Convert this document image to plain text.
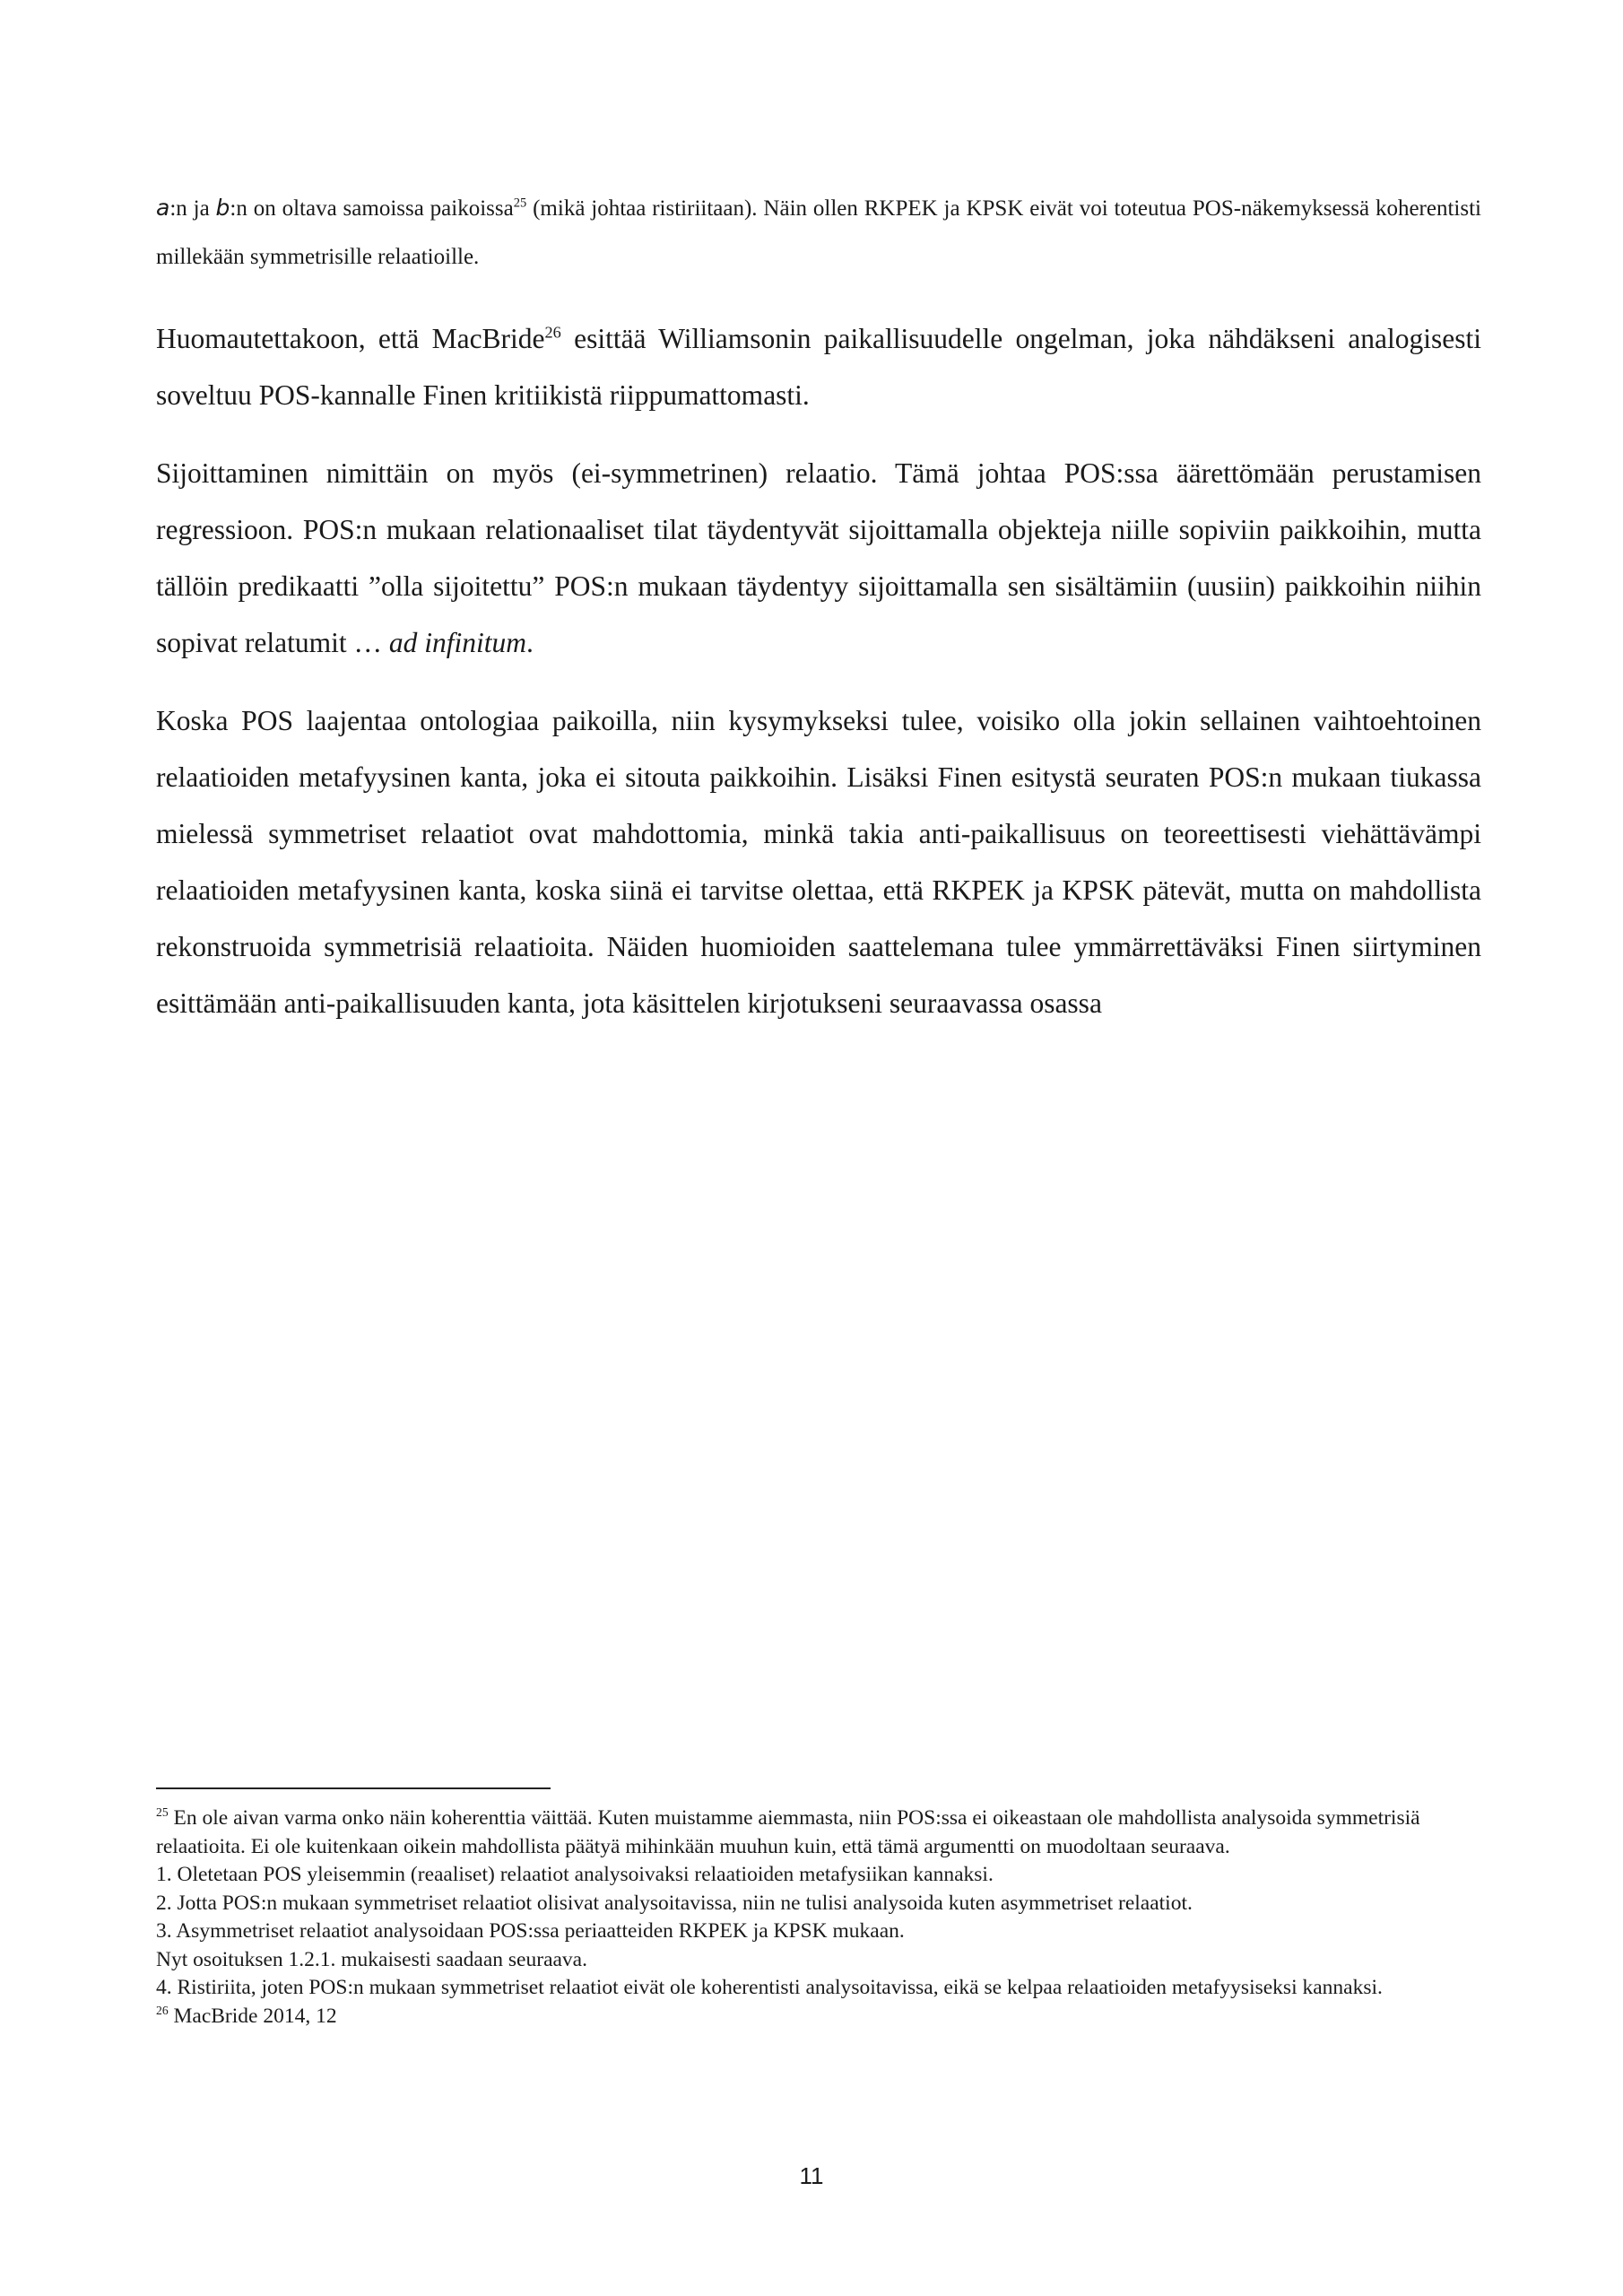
a:n ja b:n on oltava samoissa paikoissa$^{25}$ (mikä johtaa ristiriitaan). Näin ollen RKPEK ja KPSK eivät voi toteutua POS-näkemyksessä koherentisti millekään symmetrisille relaatioille.

Huomautettakoon, että MacBride$^{26}$ esittää Williamsonin paikallisuudelle ongelman, joka nähdäkseni analogisesti soveltuu POS-kannalle Finen kritiikistä riippumattomasti.

Sijoittaminen nimittäin on myös (ei-symmetrinen) relaatio. Tämä johtaa POS:ssa äärettömään perustamisen regressioon. POS:n mukaan relationaaliset tilat täydentyvät sijoittamalla objekteja niille sopiviin paikkoihin, mutta tällöin predikaatti ”olla sijoitettu” POS:n mukaan täydentyy sijoittamalla sen sisältämiin (uusiin) paikkoihin niihin sopivat relatumit … ad infinitum.

Koska POS laajentaa ontologiaa paikoilla, niin kysymykseksi tulee, voisiko olla jokin sellainen vaihtoehtoinen relaatioiden metafyysinen kanta, joka ei sitouta paikkoihin. Lisäksi Finen esitystä seuraten POS:n mukaan tiukassa mielessä symmetriset relaatiot ovat mahdottomia, minkä takia anti-paikallisuus on teoreettisesti viehättävämpi relaatioiden metafyysinen kanta, koska siinä ei tarvitse olettaa, että RKPEK ja KPSK pätevät, mutta on mahdollista rekonstruoida symmetrisiä relaatioita. Näiden huomioiden saattelemana tulee ymmärrettäväksi Finen siirtyminen esittämään anti-paikallisuuden kanta, jota käsittelen kirjotukseni seuraavassa osassa

$^{25}$ En ole aivan varma onko näin koherenttia väittää. Kuten muistamme aiemmasta, niin POS:ssa ei oikeastaan ole mahdollista analysoida symmetrisiä relaatioita. Ei ole kuitenkaan oikein mahdollista päätyä mihinkään muuhun kuin, että tämä argumentti on muodoltaan seuraava.

1. Oletetaan POS yleisemmin (reaaliset) relaatiot analysoivaksi relaatioiden metafysiikan kannaksi.

2. Jotta POS:n mukaan symmetriset relaatiot olisivat analysoitavissa, niin ne tulisi analysoida kuten asymmetriset relaatiot.

3. Asymmetriset relaatiot analysoidaan POS:ssa periaatteiden RKPEK ja KPSK mukaan.

Nyt osoituksen 1.2.1. mukaisesti saadaan seuraava.

4. Ristiriita, joten POS:n mukaan symmetriset relaatiot eivät ole koherentisti analysoitavissa, eikä se kelpaa relaatioiden metafyysiseksi kannaksi.

$^{26}$ MacBride 2014, 12

11
